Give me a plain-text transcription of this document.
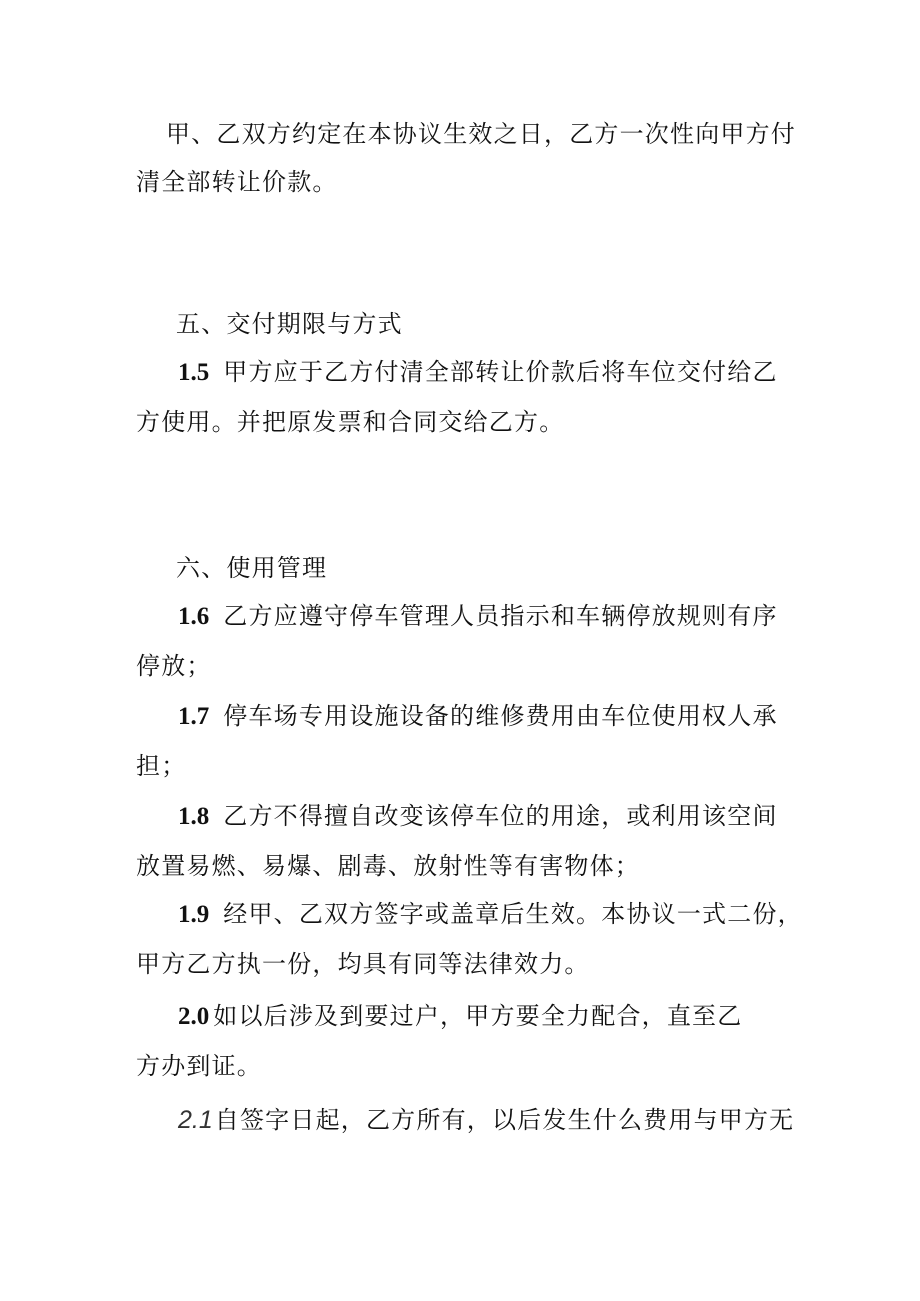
甲、乙双方约定在本协议生效之日，乙方一次性向甲方付
清全部转让价款。
五、交付期限与方式
1.5 甲方应于乙方付清全部转让价款后将车位交付给乙
方使用。并把原发票和合同交给乙方。
六、使用管理
1.6 乙方应遵守停车管理人员指示和车辆停放规则有序
停放；
1.7 停车场专用设施设备的维修费用由车位使用权人承
担；
1.8 乙方不得擅自改变该停车位的用途，或利用该空间
放置易燃、易爆、剧毒、放射性等有害物体；
1.9 经甲、乙双方签字或盖章后生效。本协议一式二份，
甲方乙方执一份，均具有同等法律效力。
2.0 如以后涉及到要过户，甲方要全力配合，直至乙
方办到证。
2.1自签字日起，乙方所有，以后发生什么费用与甲方无
